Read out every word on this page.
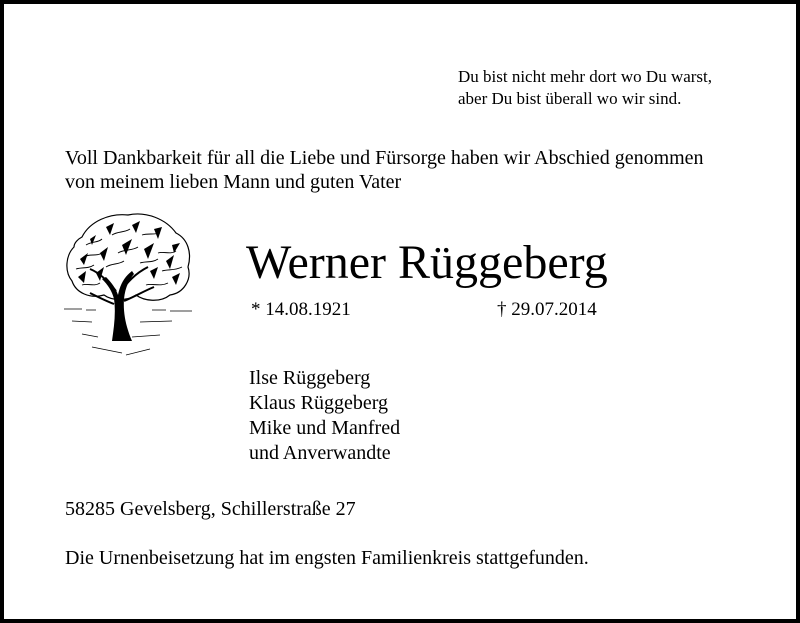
Du bist nicht mehr dort wo Du warst,
aber Du bist überall wo wir sind.
Voll Dankbarkeit für all die Liebe und Fürsorge haben wir Abschied genommen
von meinem lieben Mann und guten Vater
Werner Rüggeberg
* 14.08.1921	† 29.07.2014
Ilse Rüggeberg
Klaus Rüggeberg
Mike und Manfred
und Anverwandte
58285 Gevelsberg, Schillerstraße 27
Die Urnenbeisetzung hat im engsten Familienkreis stattgefunden.
